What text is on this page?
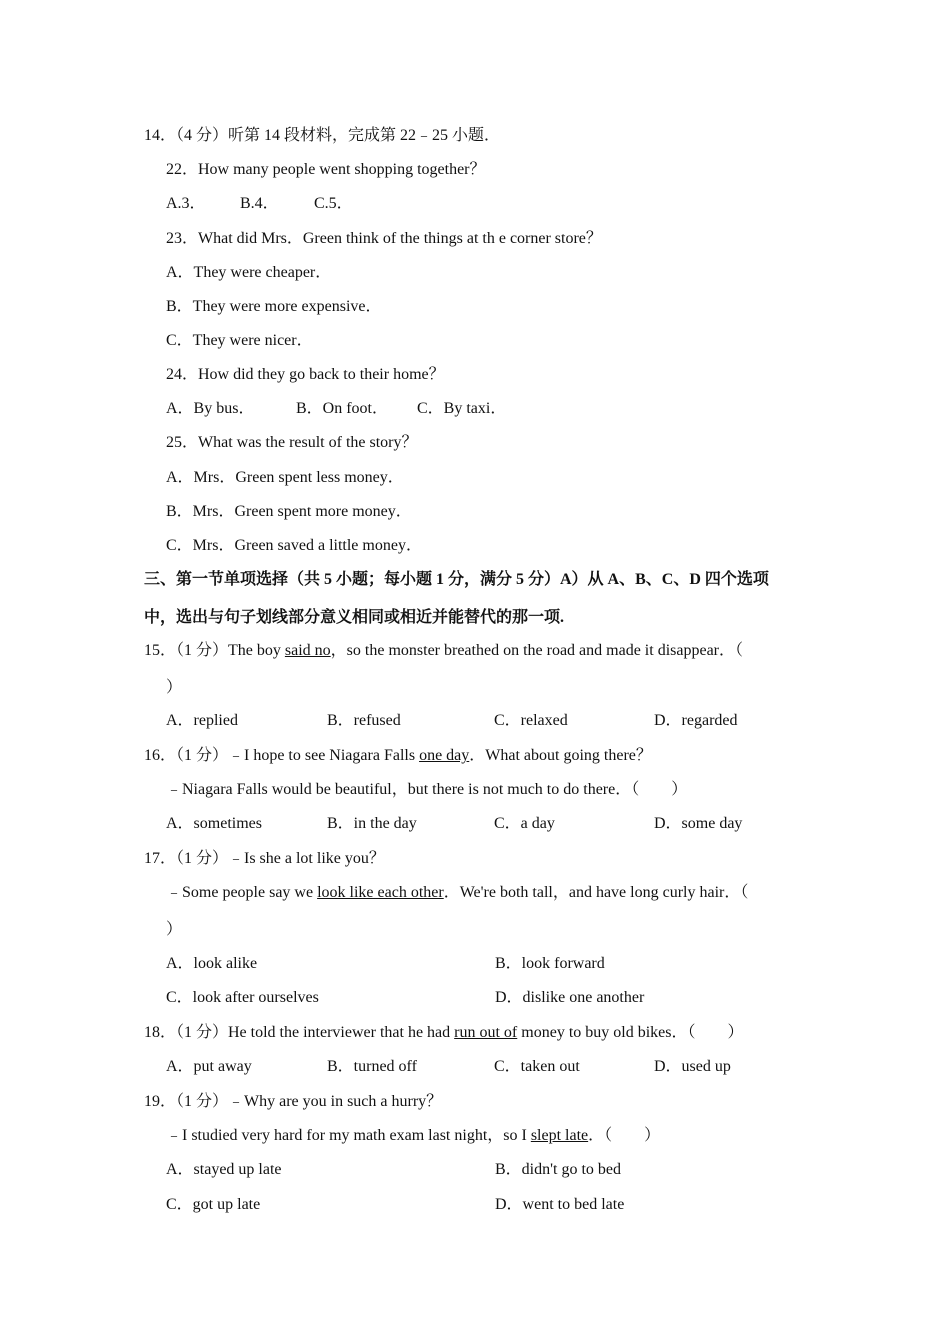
14．（4 分）听第 14 段材料，完成第 22﹣25 小题．
22．How many people went shopping together？
A.3． B.4． C.5．
23．What did Mrs．Green think of the things at th e corner store？
A．They were cheaper．
B．They were more expensive．
C．They were nicer．
24．How did they go back to their home？
A．By bus．	B．On foot． C．By taxi．
25．What was the result of the story？
A．Mrs．Green spent less money．
B．Mrs．Green spent more money．
C．Mrs．Green saved a little money．
三、第一节单项选择（共 5 小题；每小题 1 分，满分 5 分）A）从 A、B、C、D 四个选项
中，选出与句子划线部分意义相同或相近并能替代的那一项.
15．（1 分）The boy said no，so the monster breathed on the road and made it disappear．（
）
A．replied	B．refused	C．relaxed	D．regarded
16．（1 分）﹣I hope to see Niagara Falls one day．What about going there？
﹣Niagara Falls would be beautiful，but there is not much to do there．（　　）
A．sometimes	B．in the day	C．a day	D．some day
17．（1 分）﹣Is she a lot like you？
﹣Some people say we look like each other．We're both tall，and have long curly hair．（
）
A．look alike	B．look forward
C．look after ourselves	D．dislike one another
18．（1 分）He told the interviewer that he had run out of money to buy old bikes．（　　）
A．put away	B．turned off	C．taken out	D．used up
19．（1 分）﹣Why are you in such a hurry？
﹣I studied very hard for my math exam last night，so I slept late．（　　）
A．stayed up late	B．didn't go to bed
C．got up late	D．went to bed late
